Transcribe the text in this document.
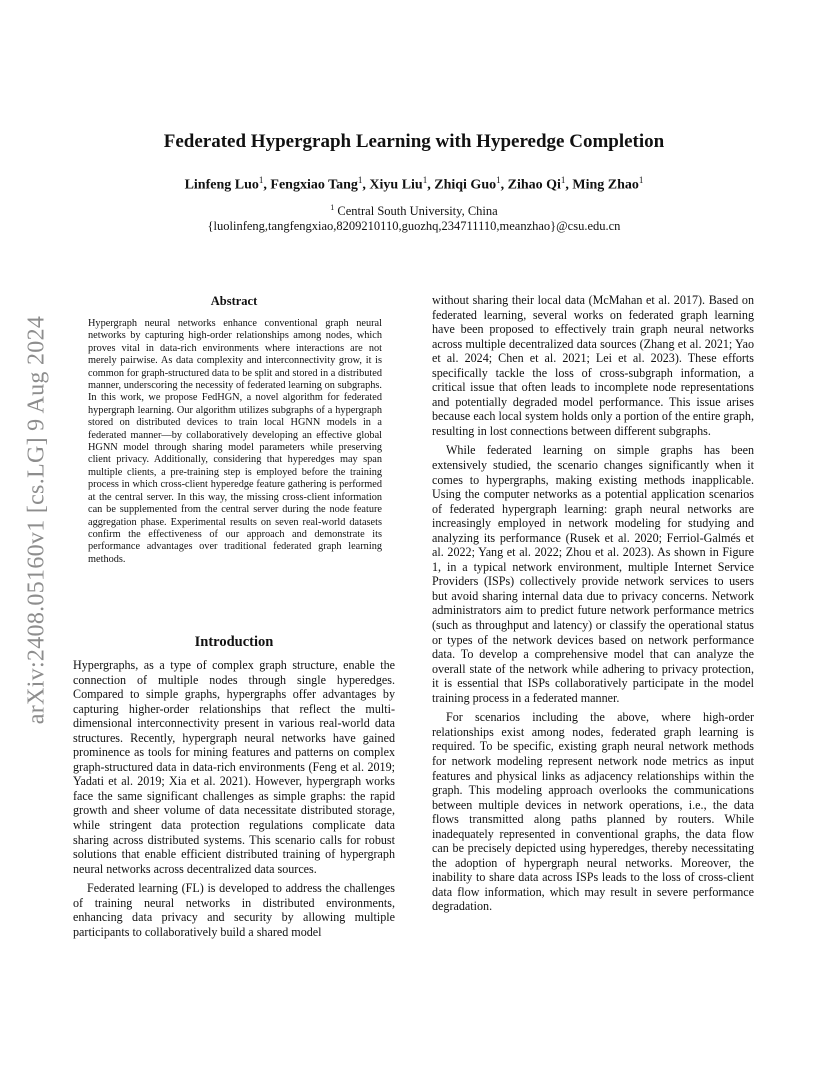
arXiv:2408.05160v1 [cs.LG] 9 Aug 2024
Federated Hypergraph Learning with Hyperedge Completion
Linfeng Luo$^1$, Fengxiao Tang$^1$, Xiyu Liu$^1$, Zhiqi Guo$^1$, Zihao Qi$^1$, Ming Zhao$^1$
$^1$ Central South University, China
{luolinfeng,tangfengxiao,8209210110,guozhq,234711110,meanzhao}@csu.edu.cn
Abstract
Hypergraph neural networks enhance conventional graph neural networks by capturing high-order relationships among nodes, which proves vital in data-rich environments where interactions are not merely pairwise. As data complexity and interconnectivity grow, it is common for graph-structured data to be split and stored in a distributed manner, underscoring the necessity of federated learning on subgraphs. In this work, we propose FedHGN, a novel algorithm for federated hypergraph learning. Our algorithm utilizes subgraphs of a hypergraph stored on distributed devices to train local HGNN models in a federated manner—by collaboratively developing an effective global HGNN model through sharing model parameters while preserving client privacy. Additionally, considering that hyperedges may span multiple clients, a pre-training step is employed before the training process in which cross-client hyperedge feature gathering is performed at the central server. In this way, the missing cross-client information can be supplemented from the central server during the node feature aggregation phase. Experimental results on seven real-world datasets confirm the effectiveness of our approach and demonstrate its performance advantages over traditional federated graph learning methods.
Introduction

Hypergraphs, as a type of complex graph structure, enable the connection of multiple nodes through single hyperedges. Compared to simple graphs, hypergraphs offer advantages by capturing higher-order relationships that reflect the multi-dimensional interconnectivity present in various real-world data structures. Recently, hypergraph neural networks have gained prominence as tools for mining features and patterns on complex graph-structured data in data-rich environments (Feng et al. 2019; Yadati et al. 2019; Xia et al. 2021). However, hypergraph works face the same significant challenges as simple graphs: the rapid growth and sheer volume of data necessitate distributed storage, while stringent data protection regulations complicate data sharing across distributed systems. This scenario calls for robust solutions that enable efficient distributed training of hypergraph neural networks across decentralized data sources.

Federated learning (FL) is developed to address the challenges of training neural networks in distributed environments, enhancing data privacy and security by allowing multiple participants to collaboratively build a shared model

without sharing their local data (McMahan et al. 2017). Based on federated learning, several works on federated graph learning have been proposed to effectively train graph neural networks across multiple decentralized data sources (Zhang et al. 2021; Yao et al. 2024; Chen et al. 2021; Lei et al. 2023). These efforts specifically tackle the loss of cross-subgraph information, a critical issue that often leads to incomplete node representations and potentially degraded model performance. This issue arises because each local system holds only a portion of the entire graph, resulting in lost connections between different subgraphs.

While federated learning on simple graphs has been extensively studied, the scenario changes significantly when it comes to hypergraphs, making existing methods inapplicable. Using the computer networks as a potential application scenarios of federated hypergraph learning: graph neural networks are increasingly employed in network modeling for studying and analyzing its performance (Rusek et al. 2020; Ferriol-Galmés et al. 2022; Yang et al. 2022; Zhou et al. 2023). As shown in Figure 1, in a typical network environment, multiple Internet Service Providers (ISPs) collectively provide network services to users but avoid sharing internal data due to privacy concerns. Network administrators aim to predict future network performance metrics (such as throughput and latency) or classify the operational status or types of the network devices based on network performance data. To develop a comprehensive model that can analyze the overall state of the network while adhering to privacy protection, it is essential that ISPs collaboratively participate in the model training process in a federated manner.

For scenarios including the above, where high-order relationships exist among nodes, federated graph learning is required. To be specific, existing graph neural network methods for network modeling represent network node metrics as input features and physical links as adjacency relationships within the graph. This modeling approach overlooks the communications between multiple devices in network operations, i.e., the data flows transmitted along paths planned by routers. While inadequately represented in conventional graphs, the data flow can be precisely depicted using hyperedges, thereby necessitating the adoption of hypergraph neural networks. Moreover, the inability to share data across ISPs leads to the loss of cross-client data flow information, which may result in severe performance degradation.
